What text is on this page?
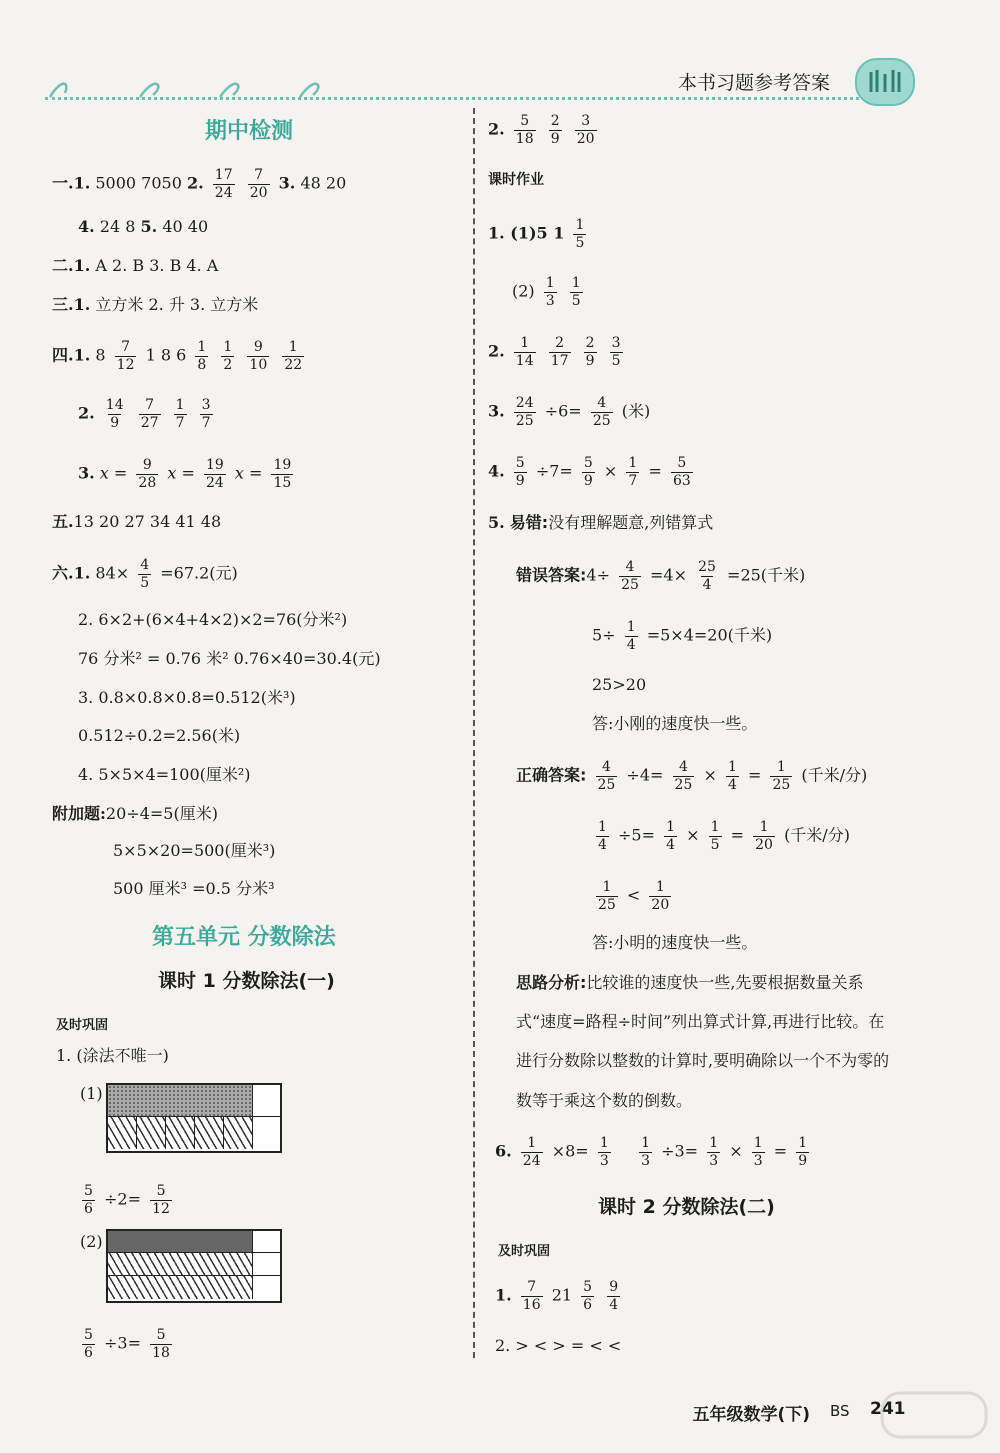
本书习题参考答案
期中检测
一.1. 5000 7050 2. $\frac{17}{24}$
$\frac{7}{20} 3$. 48 20
4. 24 8 5. 40 40
二.1. A 2. B 3. B 4. A
三.1. 立方米 2. 升 3. 立方米
四.1. $8 \frac{7}{12} 1$ 8 $6 \frac{1}{8}$
$\frac{1}{2}$
$\frac{9}{10}$
$\frac{1}{22}$
2. $\frac{14}{9}$
$\frac{7}{27}$
$\frac{1}{7}$
$\frac{3}{7}$
3. $x = \frac{9}{28}$ $x = \frac{19}{24}$ $x = \frac{19}{15}$
五.13 20 27 34 41 48
六.1. $84\times \frac{4}{5} =67.2$(元)
2. 6×2+(6×4+4×2)×2=76(分米²)
76 分米² = 0.76 米² 0.76×40=30.4(元)
3. 0.8×0.8×0.8=0.512(米³)
0.512÷0.2=2.56(米)
4. 5×5×4=100(厘米²)
附加题:20÷4=5(厘米)
5×5×20=500(厘米³)
500 厘米³ =0.5 分米³
第五单元 分数除法
课时 1 分数除法(一)
及时巩固
1. (涂法不唯一)
(1)
$\frac{5}{6} \div 2= \frac{5}{12}$
(2)
$\frac{5}{6} \div 3= \frac{5}{18}$
2. $\frac{5}{18}$
$\frac{2}{9}$
$\frac{3}{20}$
课时作业
1. (1)5 $1 \frac{1}{5}$
$(2) \frac{1}{3}$
$\frac{1}{5}$
2. $\frac{1}{14}$
$\frac{2}{17}$
$\frac{2}{9}$
$\frac{3}{5}$
3. $\frac{24}{25} \div 6= \frac{4}{25}$ (米)
4. $\frac{5}{9} \div 7= \frac{5}{9} \times \frac{1}{7} = \frac{5}{63}$
5. 易错:没有理解题意,列错算式
错误答案:4÷ $\frac{4}{25} =4\times \frac{25}{4} =25$(千米)
$5\div \frac{1}{4} =5\times 4=20$(千米)
25>20
答:小刚的速度快一些。
正确答案: $\frac{4}{25} \div 4= \frac{4}{25} \times \frac{1}{4} = \frac{1}{25}$ (千米/分)
$\frac{1}{4} \div 5= \frac{1}{4} \times \frac{1}{5} = \frac{1}{20}$ (千米/分)
$\frac{1}{25} < \frac{1}{20}$
答:小明的速度快一些。
思路分析:比较谁的速度快一些,先要根据数量关系
式“速度=路程÷时间”列出算式计算,再进行比较。在
进行分数除以整数的计算时,要明确除以一个不为零的
数等于乘这个数的倒数。
6. $\frac{1}{24} \times 8= \frac{1}{3}$
$\frac{1}{3} \div 3= \frac{1}{3} \times \frac{1}{3} = \frac{1}{9}$
课时 2 分数除法(二)
及时巩固
1. $\frac{7}{16} 21 \frac{5}{6}$
$\frac{9}{4}$
2. > < > = < <
五年级数学(下) BS 241
